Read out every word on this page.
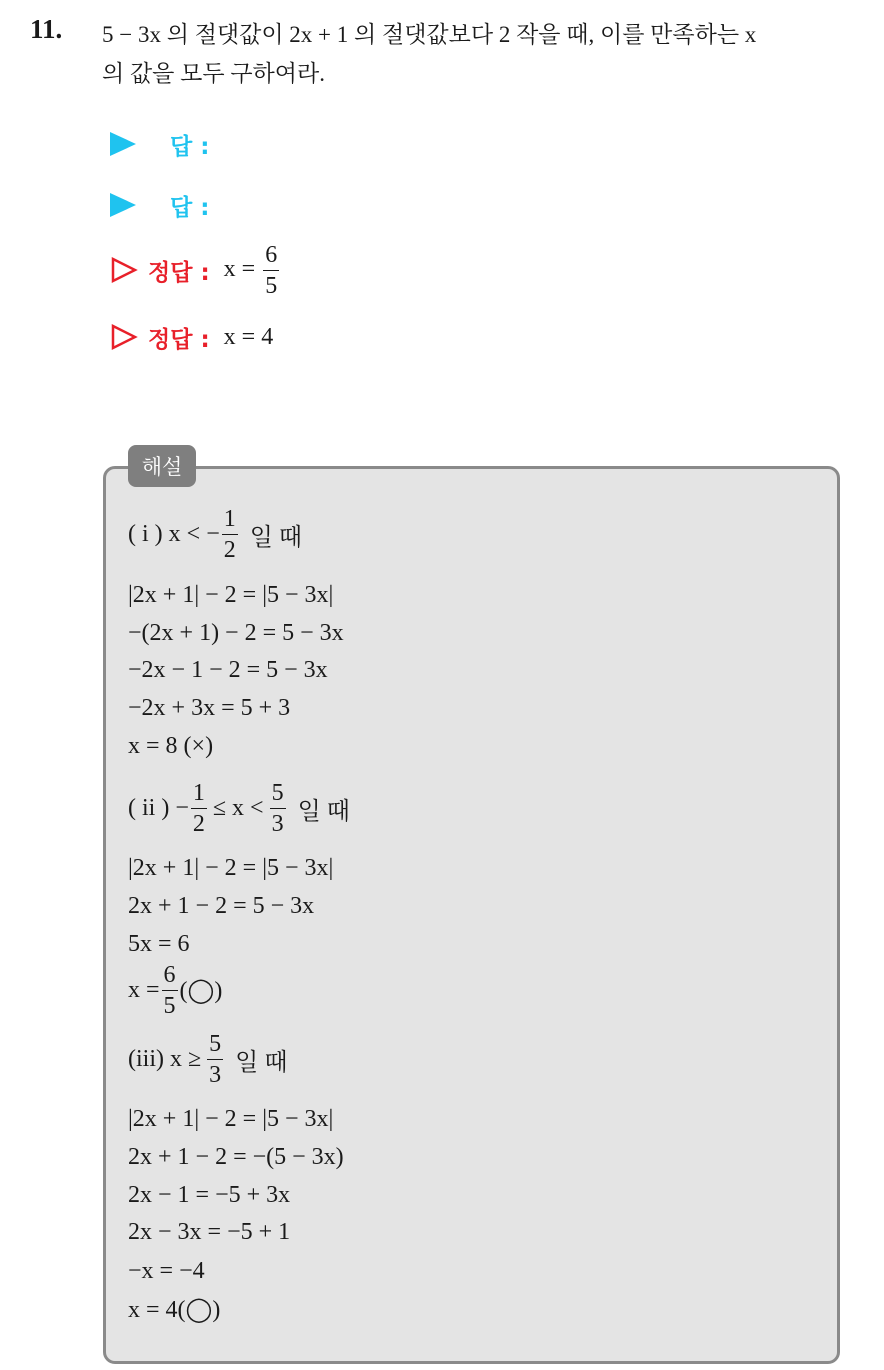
11. 5 − 3x 의 절댓값이 2x + 1 의 절댓값보다 2 작을 때, 이를 만족하는 x
의 값을 모두 구하여라.
답 :
답 :
정답 : $x = \frac{6}{5}$
정답 : x = 4
해설
( i ) x < − $\frac{1}{2}$ 일 때
|2x + 1| − 2 = |5 − 3x|
−(2x + 1) − 2 = 5 − 3x
−2x − 1 − 2 = 5 − 3x
−2x + 3x = 5 + 3
x = 8 (×)
( ii ) − $\frac{1}{2} \le x < \frac{5}{3}$ 일 때
|2x + 1| − 2 = |5 − 3x|
2x + 1 − 2 = 5 − 3x
5x = 6
$x = \frac{6}{5}$ (◯)
(iii) $x \ge \frac{5}{3}$ 일 때
|2x + 1| − 2 = |5 − 3x|
2x + 1 − 2 = −(5 − 3x)
2x − 1 = −5 + 3x
2x − 3x = −5 + 1
−x = −4
x = 4(◯)
